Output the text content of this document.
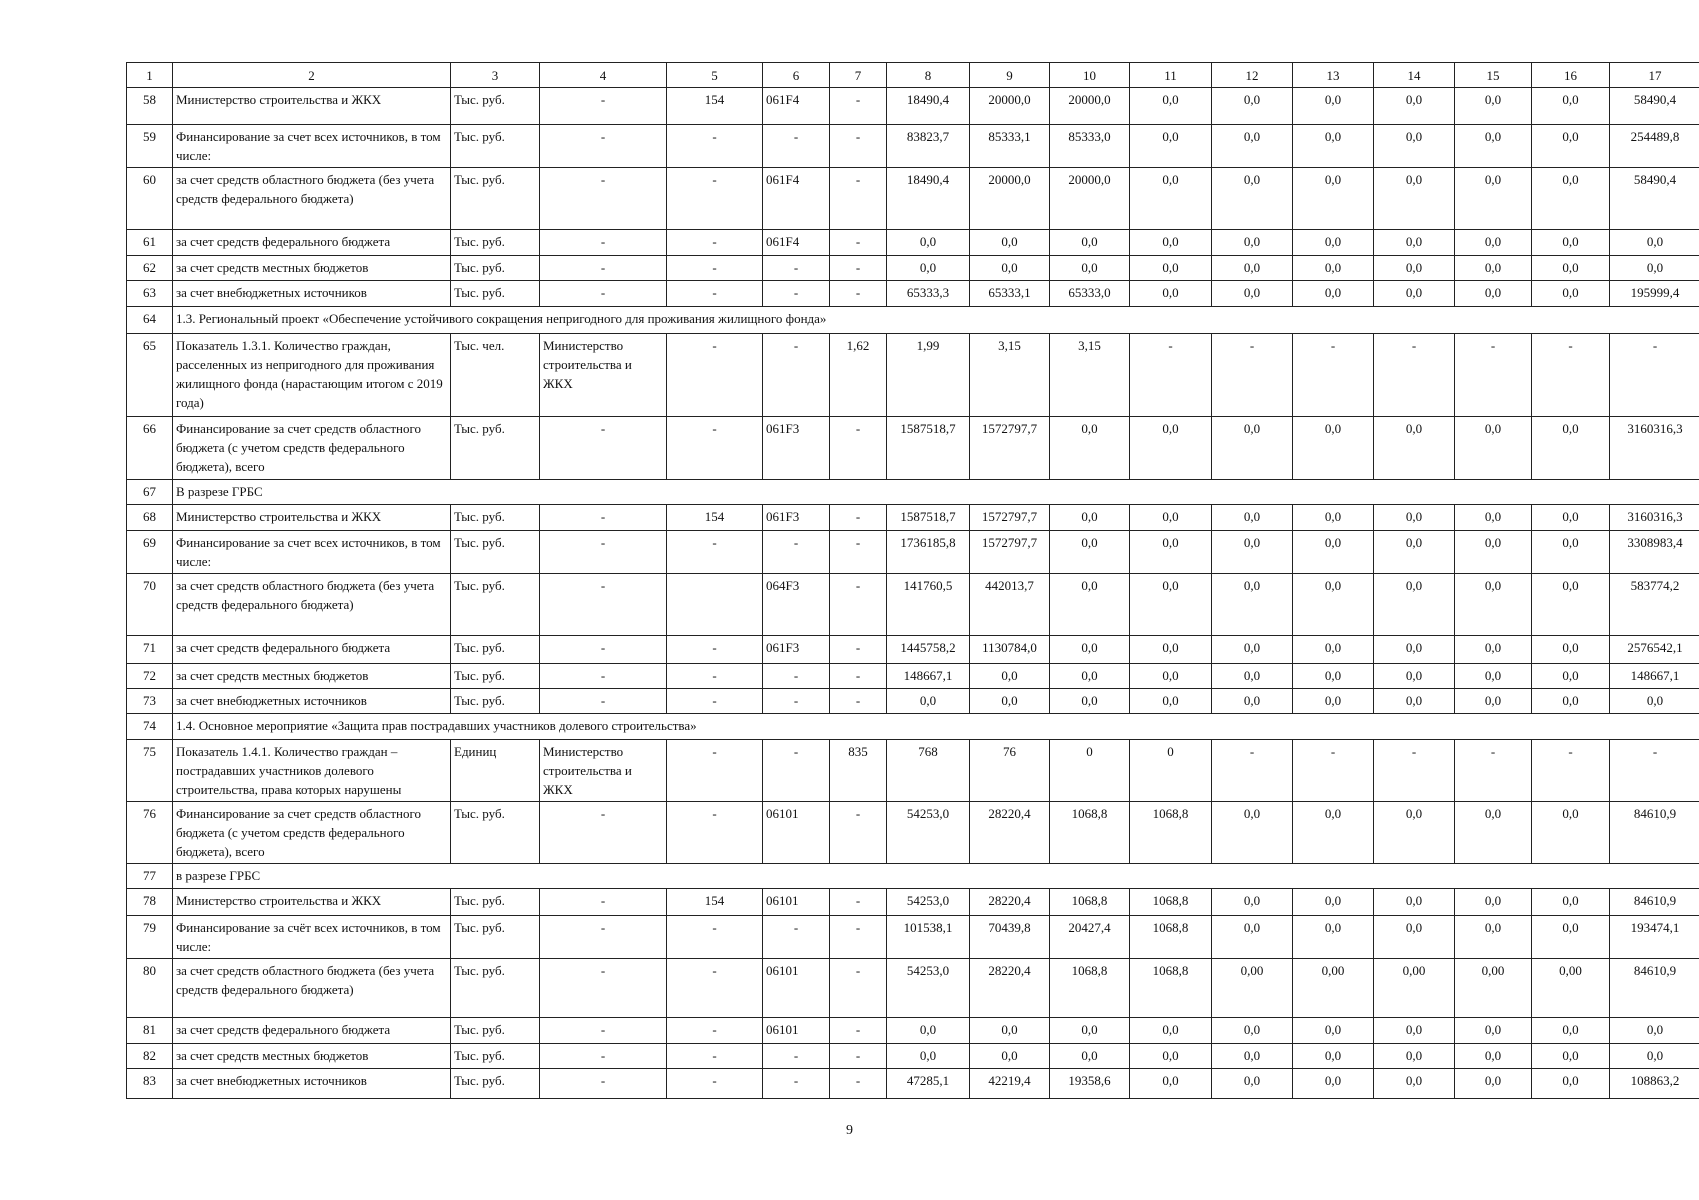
1	2	3	4	5	6	7	8	9	10	11	12	13	14	15	16	17
58	Министерство строительства и ЖКХ	Тыс. руб.	-	154	061F4	-	18490,4	20000,0	20000,0	0,0	0,0	0,0	0,0	0,0	0,0	58490,4
59	Финансирование за счет всех источников, в том числе:	Тыс. руб.	-	-	-	-	83823,7	85333,1	85333,0	0,0	0,0	0,0	0,0	0,0	0,0	254489,8
60	за счет средств областного бюджета (без учета средств федерального бюджета)	Тыс. руб.	-	-	061F4	-	18490,4	20000,0	20000,0	0,0	0,0	0,0	0,0	0,0	0,0	58490,4
61	за счет средств федерального бюджета	Тыс. руб.	-	-	061F4	-	0,0	0,0	0,0	0,0	0,0	0,0	0,0	0,0	0,0	0,0
62	за счет средств местных бюджетов	Тыс. руб.	-	-	-	-	0,0	0,0	0,0	0,0	0,0	0,0	0,0	0,0	0,0	0,0
63	за счет внебюджетных источников	Тыс. руб.	-	-	-	-	65333,3	65333,1	65333,0	0,0	0,0	0,0	0,0	0,0	0,0	195999,4
64	1.3. Региональный проект «Обеспечение устойчивого сокращения непригодного для проживания жилищного фонда»															
65	Показатель 1.3.1. Количество граждан, расселенных из непригодного для проживания жилищного фонда (нарастающим итогом с 2019 года)	Тыс. чел.	Министерство строительства и ЖКХ	-	-	1,62	1,99	3,15	3,15	-	-	-	-	-	-	-
66	Финансирование за счет средств областного бюджета (с учетом средств федерального бюджета), всего	Тыс. руб.	-	-	061F3	-	1587518,7	1572797,7	0,0	0,0	0,0	0,0	0,0	0,0	0,0	3160316,3
67	В разрезе ГРБС															
68	Министерство строительства и ЖКХ	Тыс. руб.	-	154	061F3	-	1587518,7	1572797,7	0,0	0,0	0,0	0,0	0,0	0,0	0,0	3160316,3
69	Финансирование за счет всех источников, в том числе:	Тыс. руб.	-	-	-	-	1736185,8	1572797,7	0,0	0,0	0,0	0,0	0,0	0,0	0,0	3308983,4
70	за счет средств областного бюджета (без учета средств федерального бюджета)	Тыс. руб.	-		064F3	-	141760,5	442013,7	0,0	0,0	0,0	0,0	0,0	0,0	0,0	583774,2
71	за счет средств федерального бюджета	Тыс. руб.	-	-	061F3	-	1445758,2	1130784,0	0,0	0,0	0,0	0,0	0,0	0,0	0,0	2576542,1
72	за счет средств местных бюджетов	Тыс. руб.	-	-	-	-	148667,1	0,0	0,0	0,0	0,0	0,0	0,0	0,0	0,0	148667,1
73	за счет внебюджетных источников	Тыс. руб.	-	-	-	-	0,0	0,0	0,0	0,0	0,0	0,0	0,0	0,0	0,0	0,0
74	1.4. Основное мероприятие «Защита прав пострадавших участников долевого строительства»															
75	Показатель 1.4.1. Количество граждан – пострадавших участников долевого строительства, права которых нарушены	Единиц	Министерство строительства и ЖКХ	-	-	835	768	76	0	0	-	-	-	-	-	-
76	Финансирование за счет средств областного бюджета (с учетом средств федерального бюджета), всего	Тыс. руб.	-	-	06101	-	54253,0	28220,4	1068,8	1068,8	0,0	0,0	0,0	0,0	0,0	84610,9
77	в разрезе ГРБС															
78	Министерство строительства и ЖКХ	Тыс. руб.	-	154	06101	-	54253,0	28220,4	1068,8	1068,8	0,0	0,0	0,0	0,0	0,0	84610,9
79	Финансирование за счёт всех источников, в том числе:	Тыс. руб.	-	-	-	-	101538,1	70439,8	20427,4	1068,8	0,0	0,0	0,0	0,0	0,0	193474,1
80	за счет средств областного бюджета (без учета средств федерального бюджета)	Тыс. руб.	-	-	06101	-	54253,0	28220,4	1068,8	1068,8	0,00	0,00	0,00	0,00	0,00	84610,9
81	за счет средств федерального бюджета	Тыс. руб.	-	-	06101	-	0,0	0,0	0,0	0,0	0,0	0,0	0,0	0,0	0,0	0,0
82	за счет средств местных бюджетов	Тыс. руб.	-	-	-	-	0,0	0,0	0,0	0,0	0,0	0,0	0,0	0,0	0,0	0,0
83	за счет внебюджетных источников	Тыс. руб.	-	-	-	-	47285,1	42219,4	19358,6	0,0	0,0	0,0	0,0	0,0	0,0	108863,2
9
